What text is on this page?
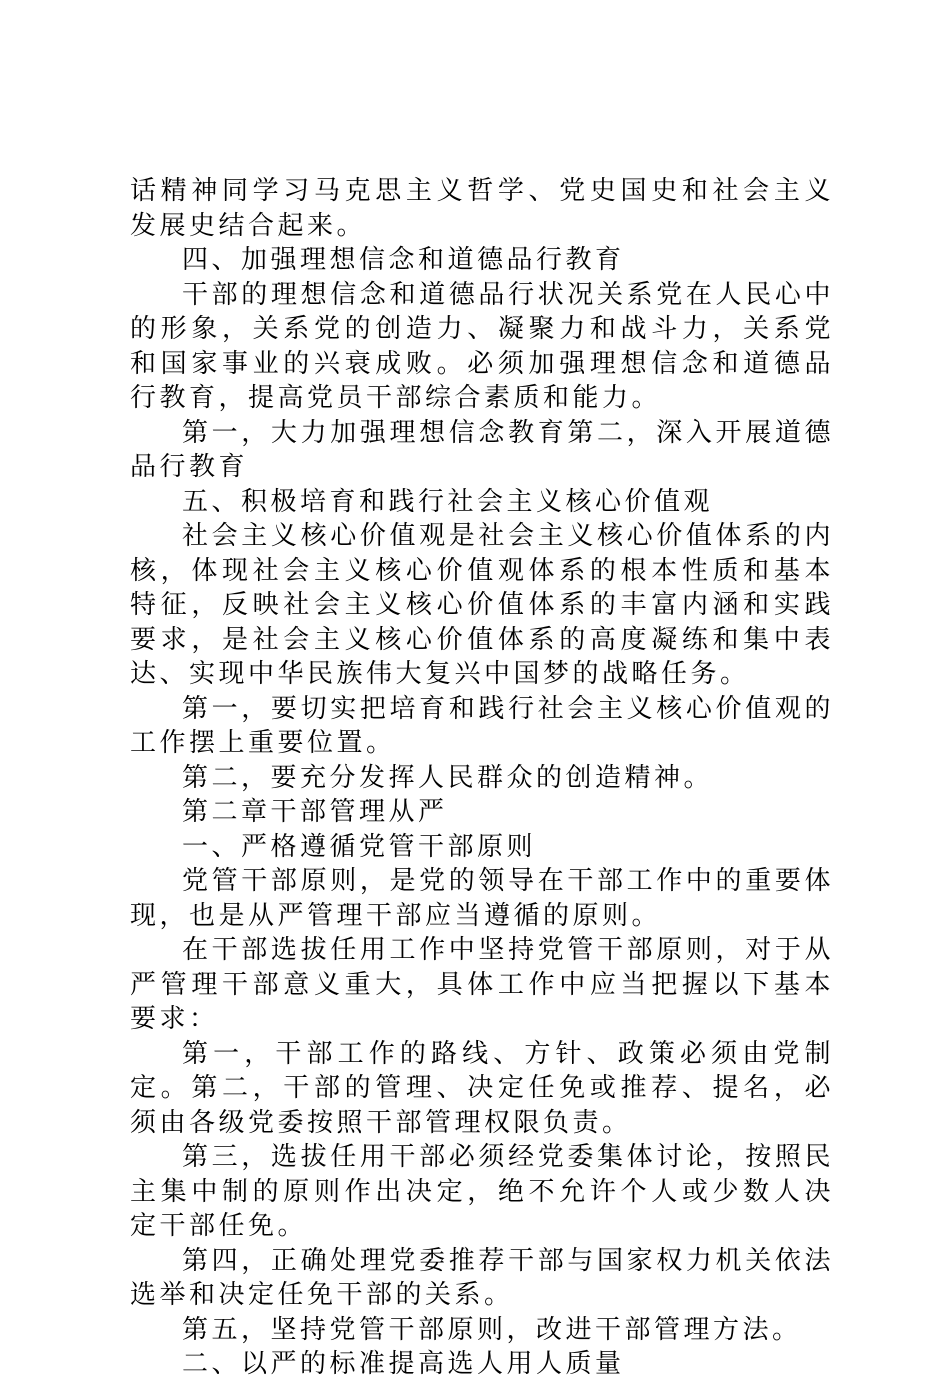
话精神同学习马克思主义哲学、党史国史和社会主义发展史结合起来。

四、加强理想信念和道德品行教育

干部的理想信念和道德品行状况关系党在人民心中的形象，关系党的创造力、凝聚力和战斗力，关系党和国家事业的兴衰成败。必须加强理想信念和道德品行教育，提高党员干部综合素质和能力。

第一，大力加强理想信念教育第二，深入开展道德品行教育

五、积极培育和践行社会主义核心价值观

社会主义核心价值观是社会主义核心价值体系的内核，体现社会主义核心价值观体系的根本性质和基本特征，反映社会主义核心价值体系的丰富内涵和实践要求，是社会主义核心价值体系的高度凝练和集中表达、实现中华民族伟大复兴中国梦的战略任务。

第一，要切实把培育和践行社会主义核心价值观的工作摆上重要位置。

第二，要充分发挥人民群众的创造精神。

第二章干部管理从严

一、严格遵循党管干部原则

党管干部原则，是党的领导在干部工作中的重要体现，也是从严管理干部应当遵循的原则。

在干部选拔任用工作中坚持党管干部原则，对于从严管理干部意义重大，具体工作中应当把握以下基本要求：

第一，干部工作的路线、方针、政策必须由党制定。第二，干部的管理、决定任免或推荐、提名，必须由各级党委按照干部管理权限负责。

第三，选拔任用干部必须经党委集体讨论，按照民主集中制的原则作出决定，绝不允许个人或少数人决定干部任免。

第四，正确处理党委推荐干部与国家权力机关依法选举和决定任免干部的关系。

第五，坚持党管干部原则，改进干部管理方法。

二、以严的标准提高选人用人质量
